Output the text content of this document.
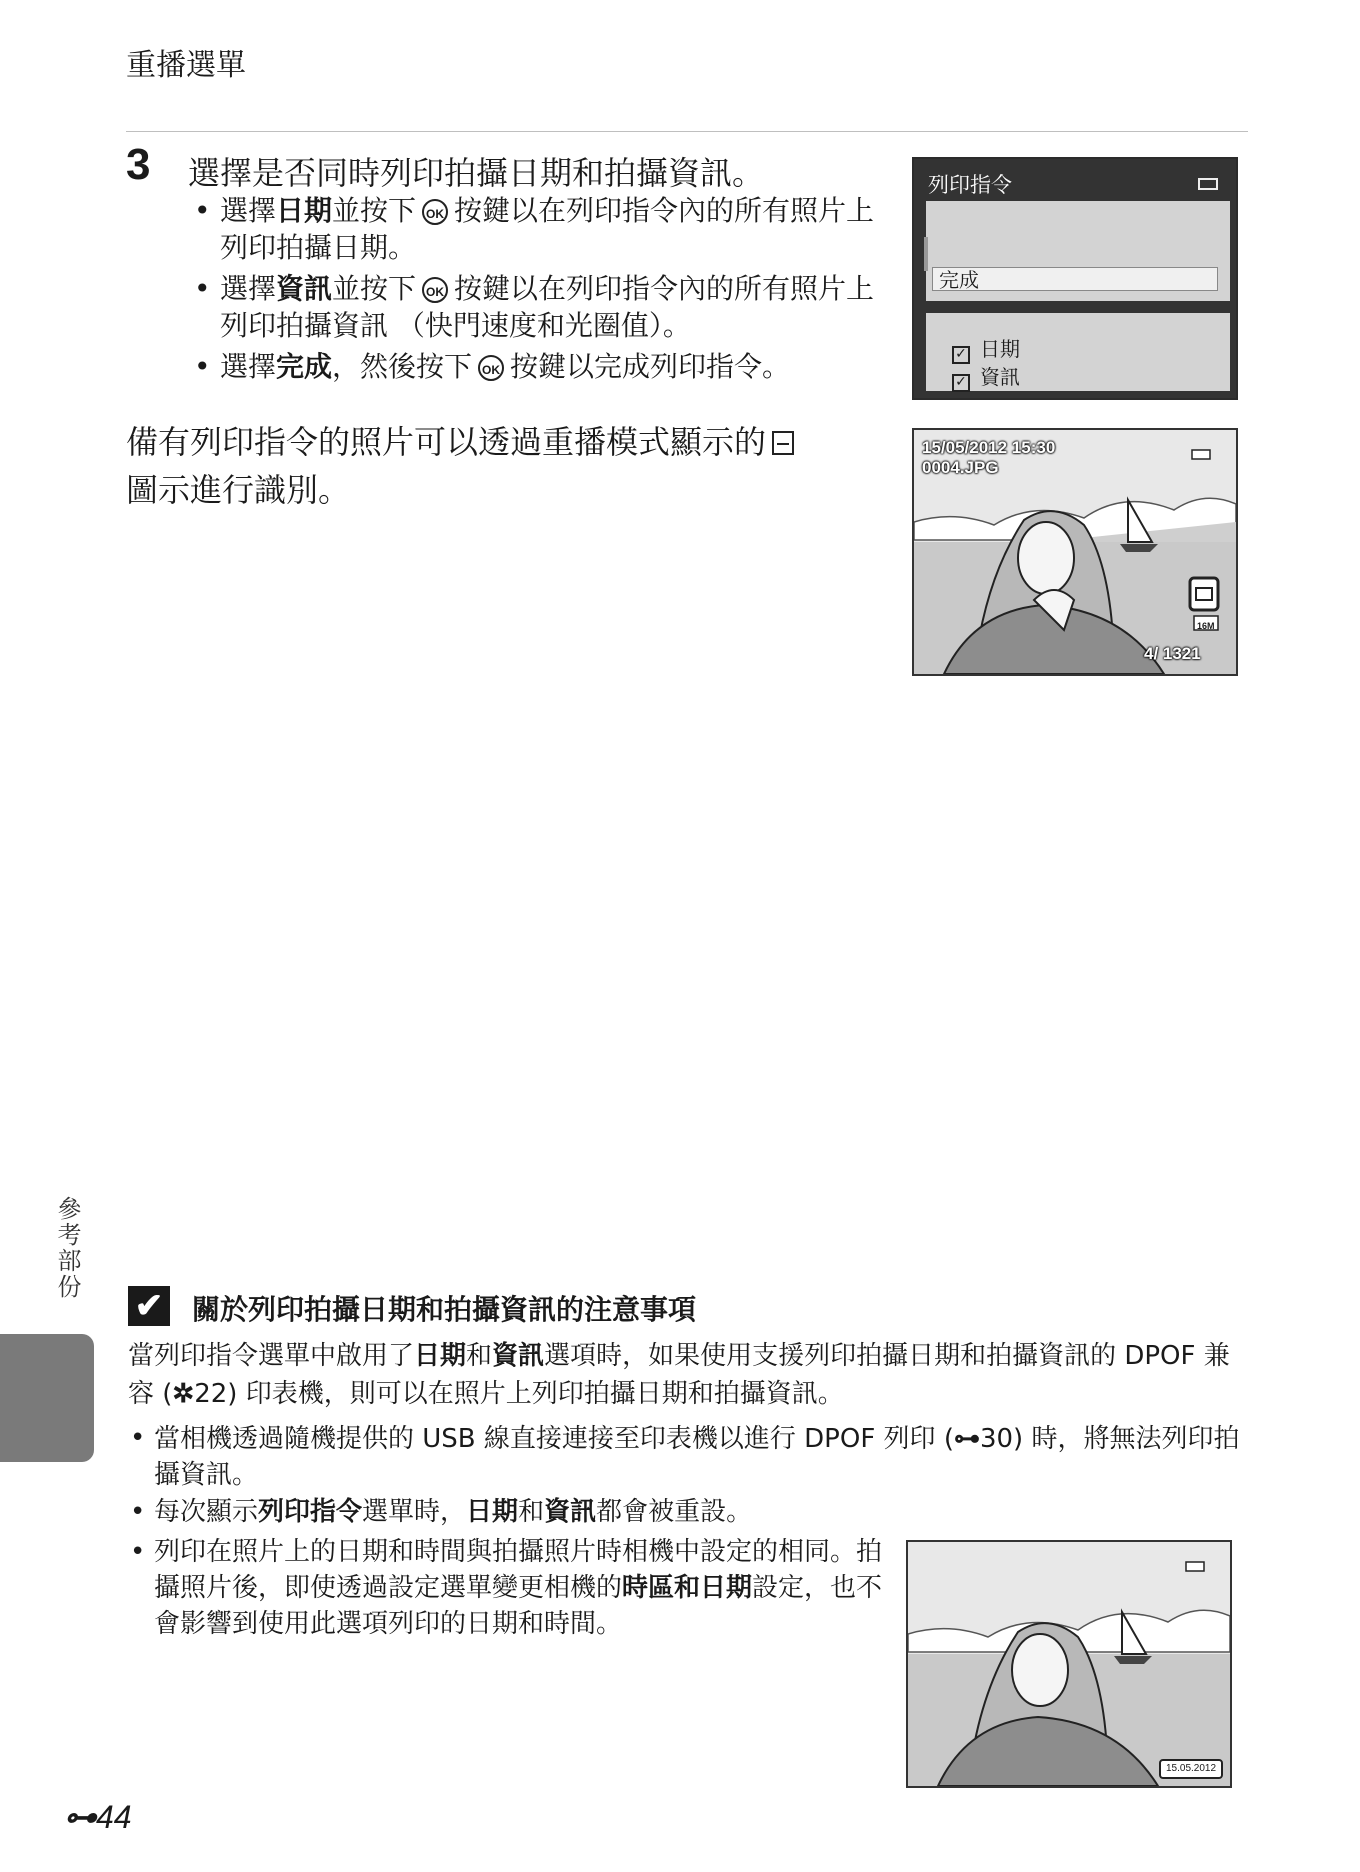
重播選單
3 選擇是否同時列印拍攝日期和拍攝資訊。
• 選擇日期並按下 OK 按鍵以在列印指令內的所有照片上列印拍攝日期。
• 選擇資訊並按下 OK 按鍵以在列印指令內的所有照片上列印拍攝資訊 （快門速度和光圈值）。
• 選擇完成，然後按下 OK 按鍵以完成列印指令。
備有列印指令的照片可以透過重播模式顯示的
圖示進行識別。
列印指令
完成
✓ 日期
✓ 資訊
15/05/2012 15:30
0004.JPG
16M
4/ 1321
參考部份
✔ 關於列印拍攝日期和拍攝資訊的注意事項
當列印指令選單中啟用了日期和資訊選項時，如果使用支援列印拍攝日期和拍攝資訊的 DPOF 兼容 (✲22) 印表機，則可以在照片上列印拍攝日期和拍攝資訊。
• 當相機透過隨機提供的 USB 線直接連接至印表機以進行 DPOF 列印 (⊶30) 時，將無法列印拍攝資訊。
• 每次顯示列印指令選單時，日期和資訊都會被重設。
• 列印在照片上的日期和時間與拍攝照片時相機中設定的相同。拍攝照片後，即使透過設定選單變更相機的時區和日期設定，也不會影響到使用此選項列印的日期和時間。
15.05.2012
⊶44
